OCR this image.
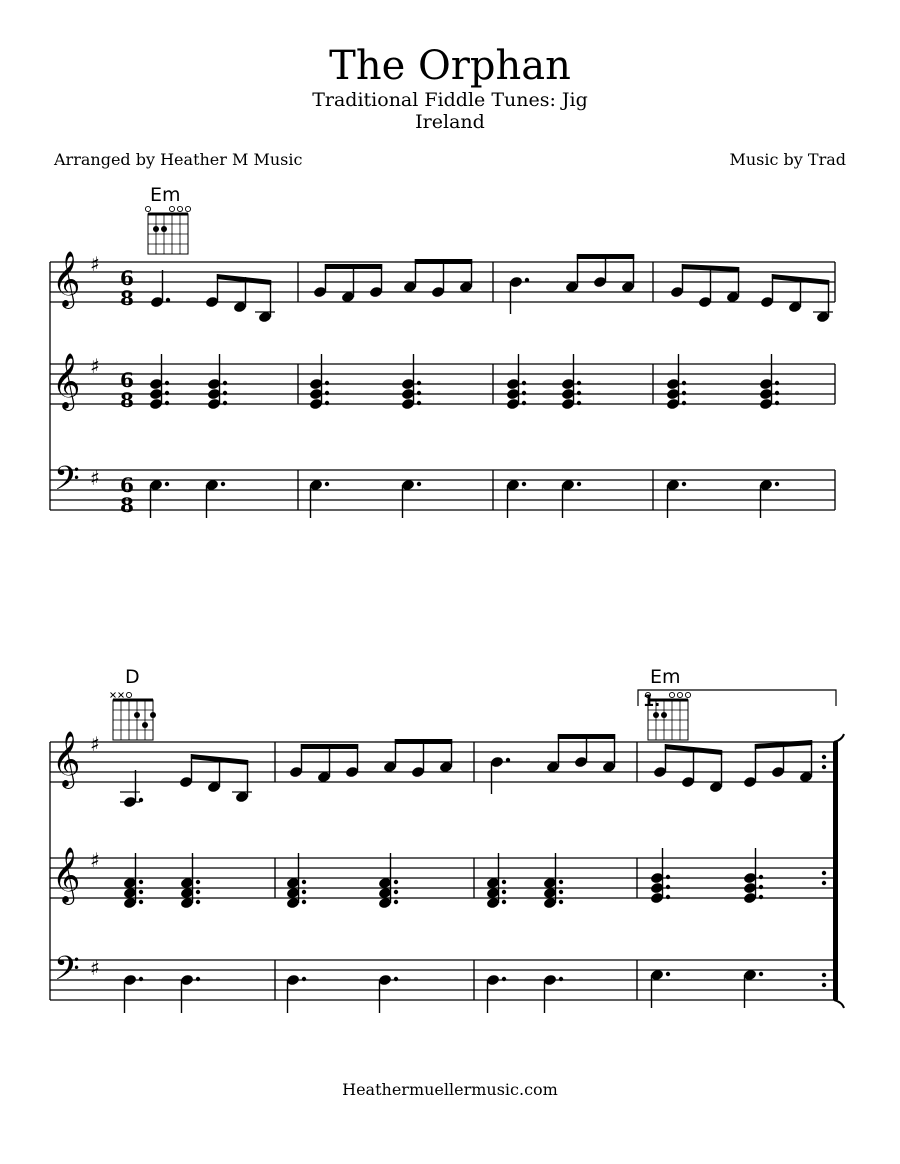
The Orphan
Traditional Fiddle Tunes: Jig
Ireland
Arranged by Heather M Music	Music by Trad
𝄞
𝄞
𝄢
♯
♯
♯
𝄞
𝄞
𝄢
♯
♯
♯
Em
D	Em
1.
6
8
6
8
6
8
Heathermuellermusic.com
